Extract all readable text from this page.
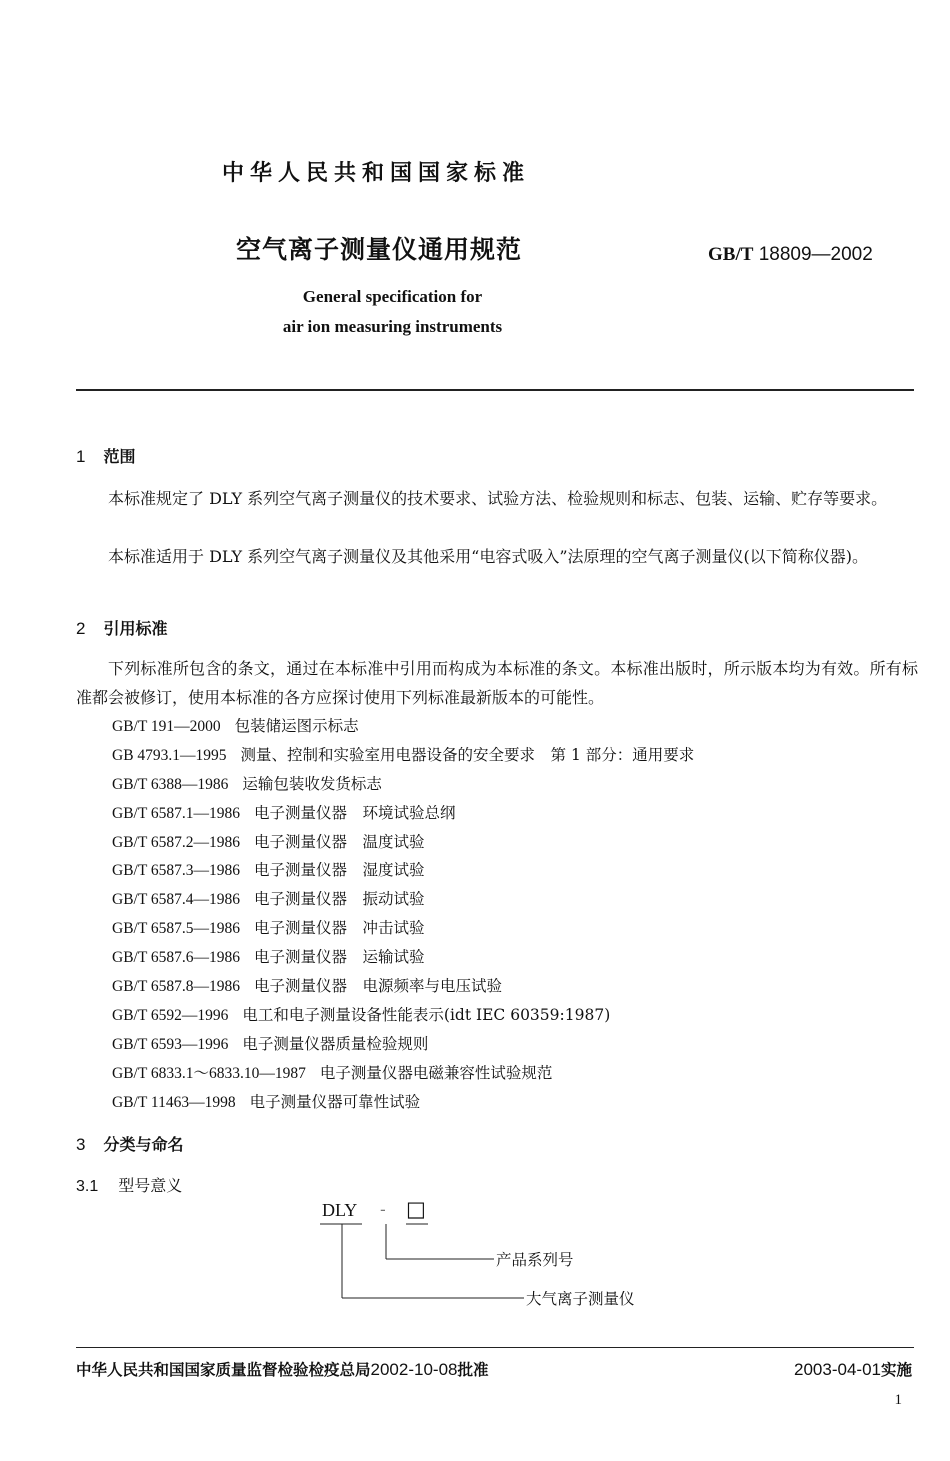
中华人民共和国国家标准
空气离子测量仪通用规范	GB/T 18809—2002
General specification for
air ion measuring instruments
1 范围
本标准规定了 DLY 系列空气离子测量仪的技术要求、试验方法、检验规则和标志、包装、运输、贮存等要求。
本标准适用于 DLY 系列空气离子测量仪及其他采用“电容式吸入”法原理的空气离子测量仪(以下简称仪器)。
2 引用标准
下列标准所包含的条文，通过在本标准中引用而构成为本标准的条文。本标准出版时，所示版本均为有效。所有标准都会被修订，使用本标准的各方应探讨使用下列标准最新版本的可能性。
GB/T 191—2000 包装储运图示标志
GB 4793.1—1995 测量、控制和实验室用电器设备的安全要求　第 1 部分：通用要求
GB/T 6388—1986 运输包装收发货标志
GB/T 6587.1—1986 电子测量仪器　环境试验总纲
GB/T 6587.2—1986 电子测量仪器　温度试验
GB/T 6587.3—1986 电子测量仪器　湿度试验
GB/T 6587.4—1986 电子测量仪器　振动试验
GB/T 6587.5—1986 电子测量仪器　冲击试验
GB/T 6587.6—1986 电子测量仪器　运输试验
GB/T 6587.8—1986 电子测量仪器　电源频率与电压试验
GB/T 6592—1996 电工和电子测量设备性能表示(idt IEC 60359:1987)
GB/T 6593—1996 电子测量仪器质量检验规则
GB/T 6833.1～6833.10—1987 电子测量仪器电磁兼容性试验规范
GB/T 11463—1998 电子测量仪器可靠性试验
3 分类与命名
3.1 型号意义
DLY - □
产品系列号
大气离子测量仪
中华人民共和国国家质量监督检验检疫总局2002-10-08批准	2003-04-01实施
1
